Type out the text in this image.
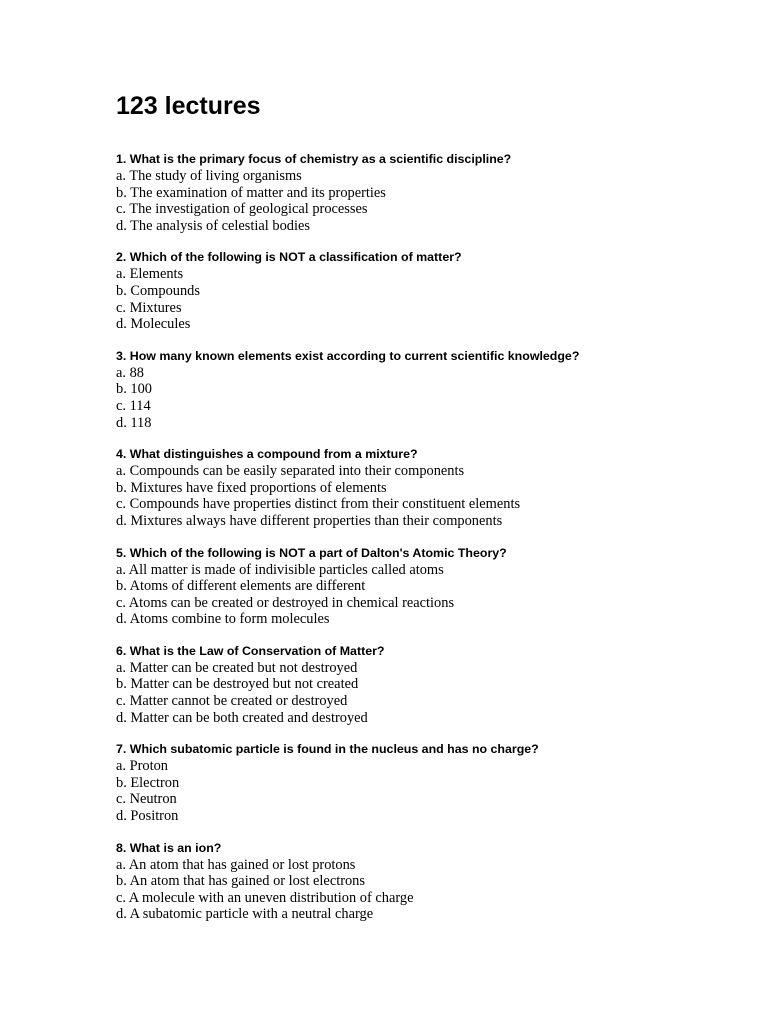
123 lectures

1. What is the primary focus of chemistry as a scientific discipline?

a. The study of living organisms
b. The examination of matter and its properties
c. The investigation of geological processes
d. The analysis of celestial bodies

2. Which of the following is NOT a classification of matter?

a. Elements
b. Compounds
c. Mixtures
d. Molecules

3. How many known elements exist according to current scientific knowledge?

a. 88
b. 100
c. 114
d. 118

4. What distinguishes a compound from a mixture?

a. Compounds can be easily separated into their components
b. Mixtures have fixed proportions of elements
c. Compounds have properties distinct from their constituent elements
d. Mixtures always have different properties than their components

5. Which of the following is NOT a part of Dalton's Atomic Theory?

a. All matter is made of indivisible particles called atoms
b. Atoms of different elements are different
c. Atoms can be created or destroyed in chemical reactions
d. Atoms combine to form molecules

6. What is the Law of Conservation of Matter?

a. Matter can be created but not destroyed
b. Matter can be destroyed but not created
c. Matter cannot be created or destroyed
d. Matter can be both created and destroyed

7. Which subatomic particle is found in the nucleus and has no charge?

a. Proton
b. Electron
c. Neutron
d. Positron

8. What is an ion?

a. An atom that has gained or lost protons
b. An atom that has gained or lost electrons
c. A molecule with an uneven distribution of charge
d. A subatomic particle with a neutral charge
